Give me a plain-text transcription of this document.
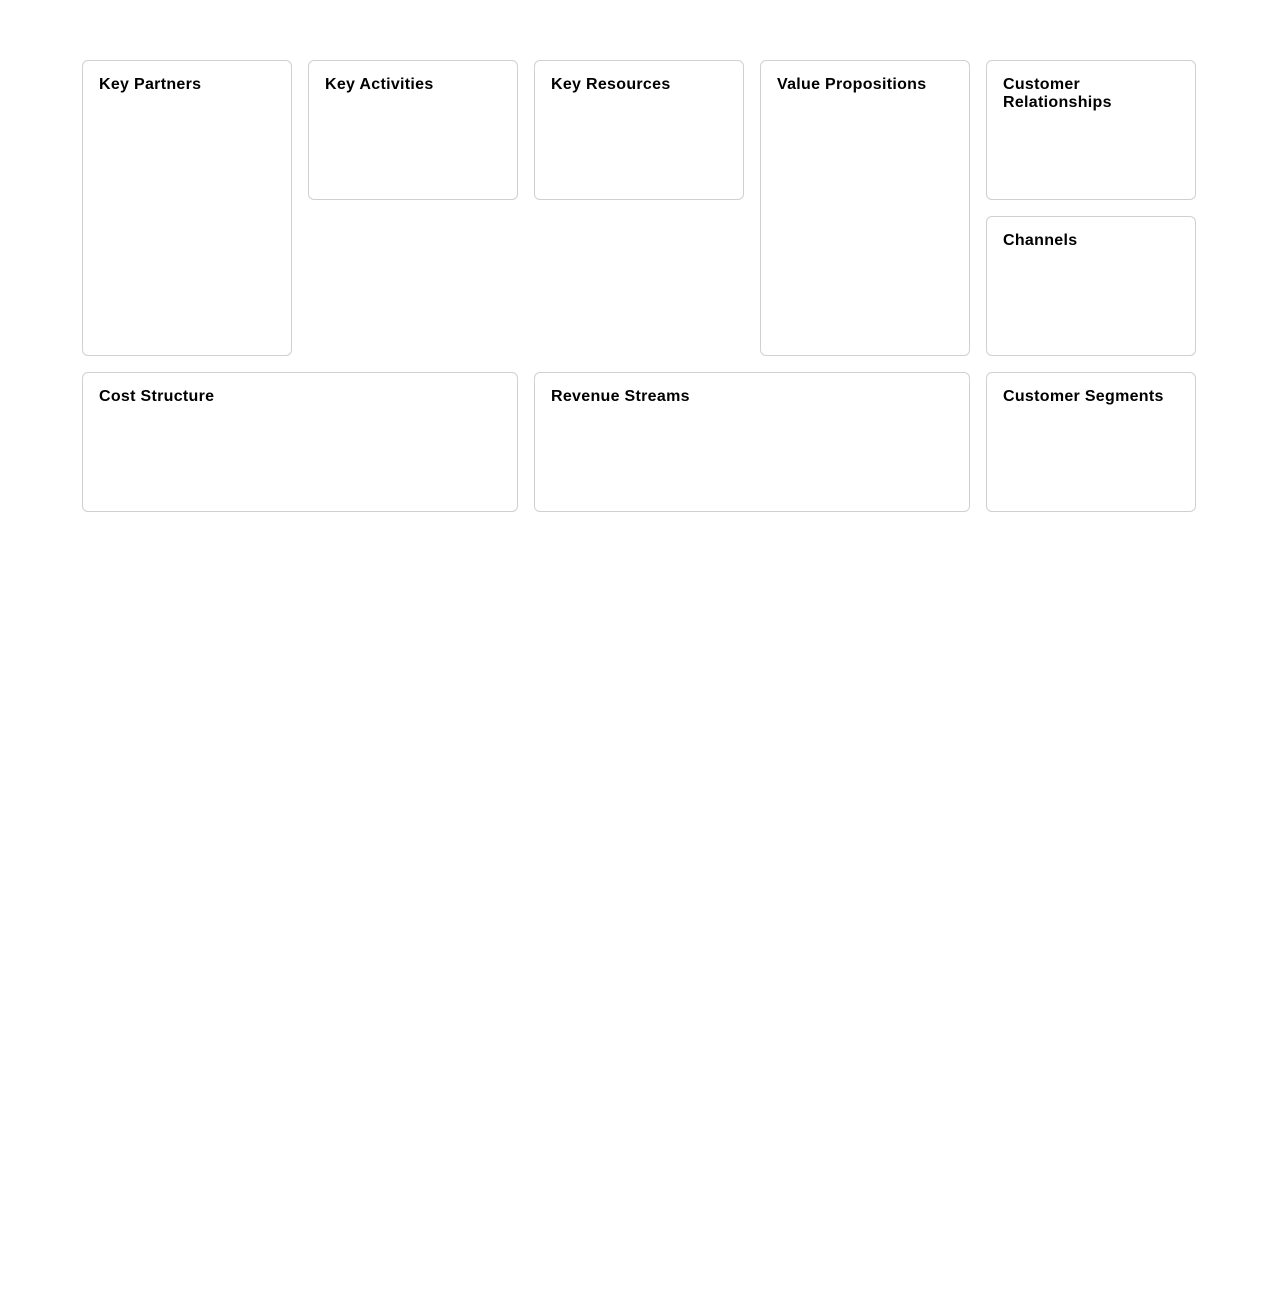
Key Partners	Key Activities	Key Resources	Value Propositions	Customer Relationships
Channels
Cost Structure	Revenue Streams	Customer Segments
